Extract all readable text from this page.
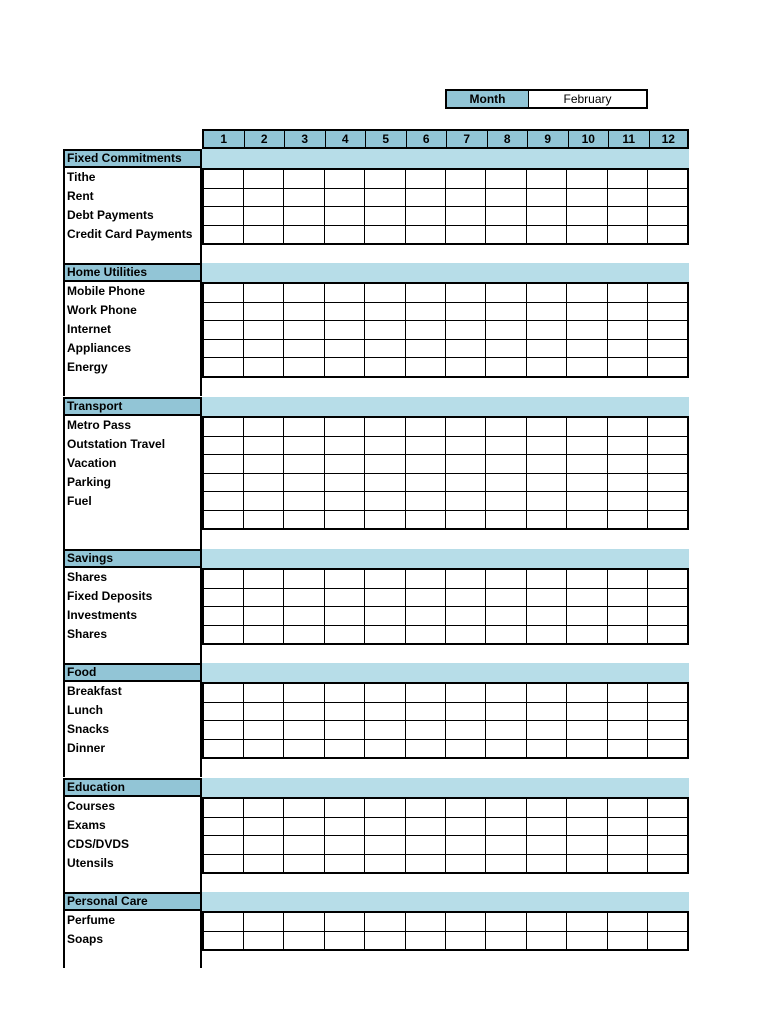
Month	February
1	2	3	4	5	6	7	8	9	10	11	12
Fixed Commitments
Tithe
Rent
Debt Payments
Credit Card Payments

Home Utilities
Mobile Phone
Work Phone
Internet
Appliances
Energy

Transport
Metro Pass
Outstation Travel
Vacation
Parking
Fuel

Savings
Shares
Fixed Deposits
Investments
Shares

Food
Breakfast
Lunch
Snacks
Dinner

Education
Courses
Exams
CDS/DVDS
Utensils

Personal Care
Perfume
Soaps
